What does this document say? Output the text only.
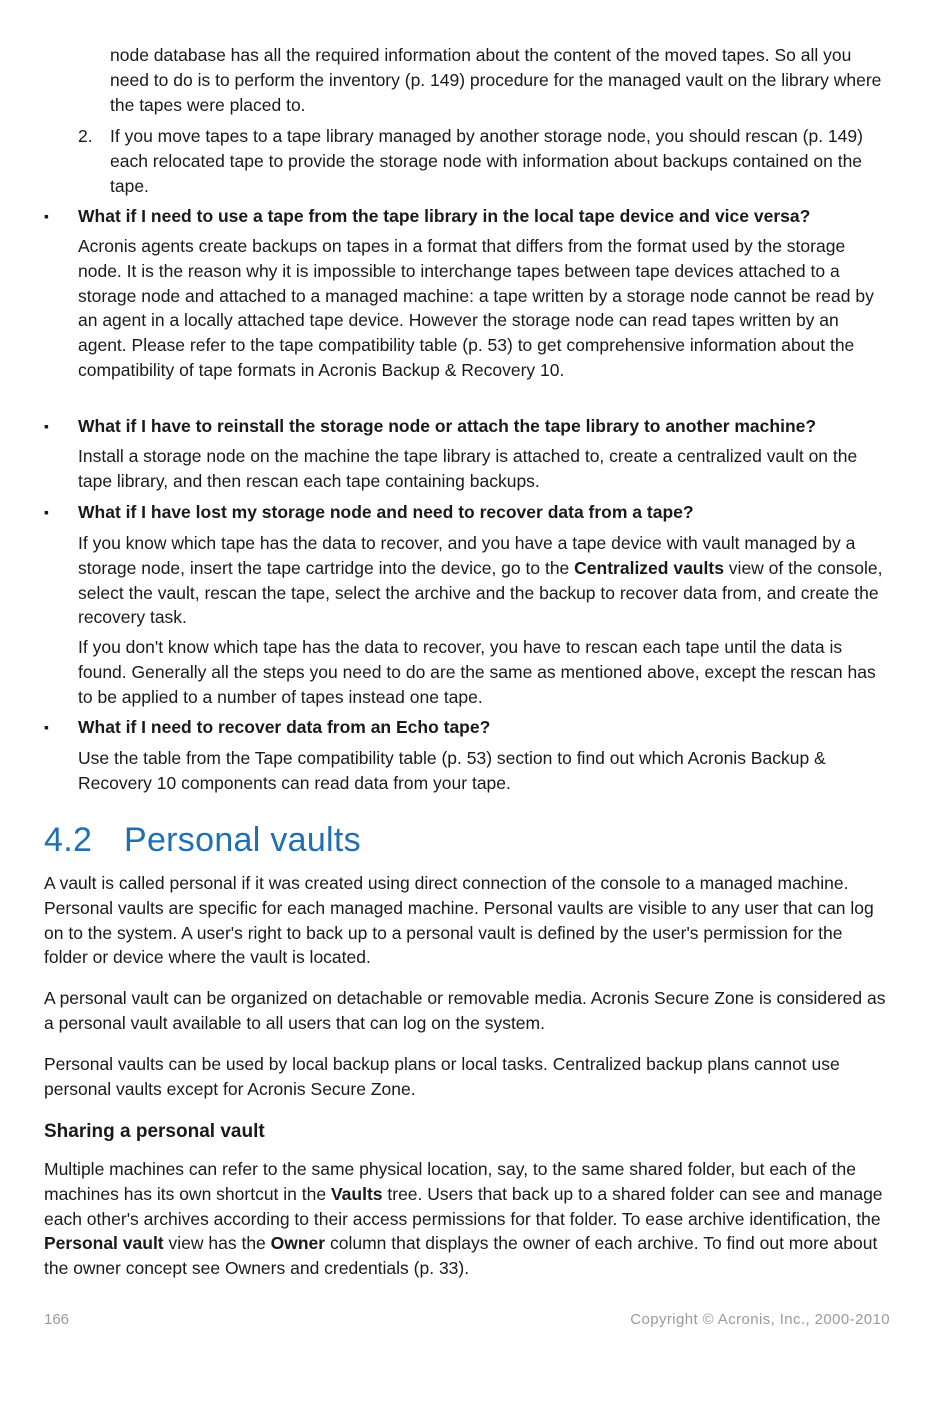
node database has all the required information about the content of the moved tapes. So all you need to do is to perform the inventory (p. 149) procedure for the managed vault on the library where the tapes were placed to.

2. If you move tapes to a tape library managed by another storage node, you should rescan (p. 149) each relocated tape to provide the storage node with information about backups contained on the tape.

▪	What if I need to use a tape from the tape library in the local tape device and vice versa?

Acronis agents create backups on tapes in a format that differs from the format used by the storage node. It is the reason why it is impossible to interchange tapes between tape devices attached to a storage node and attached to a managed machine: a tape written by a storage node cannot be read by an agent in a locally attached tape device. However the storage node can read tapes written by an agent. Please refer to the tape compatibility table (p. 53) to get comprehensive information about the compatibility of tape formats in Acronis Backup & Recovery 10.

▪	What if I have to reinstall the storage node or attach the tape library to another machine?

Install a storage node on the machine the tape library is attached to, create a centralized vault on the tape library, and then rescan each tape containing backups.

▪	What if I have lost my storage node and need to recover data from a tape?

If you know which tape has the data to recover, and you have a tape device with vault managed by a storage node, insert the tape cartridge into the device, go to the Centralized vaults view of the console, select the vault, rescan the tape, select the archive and the backup to recover data from, and create the recovery task.

If you don't know which tape has the data to recover, you have to rescan each tape until the data is found. Generally all the steps you need to do are the same as mentioned above, except the rescan has to be applied to a number of tapes instead one tape.

▪	What if I need to recover data from an Echo tape?

Use the table from the Tape compatibility table (p. 53) section to find out which Acronis Backup & Recovery 10 components can read data from your tape.

4.2 Personal vaults

A vault is called personal if it was created using direct connection of the console to a managed machine. Personal vaults are specific for each managed machine. Personal vaults are visible to any user that can log on to the system. A user's right to back up to a personal vault is defined by the user's permission for the folder or device where the vault is located.

A personal vault can be organized on detachable or removable media. Acronis Secure Zone is considered as a personal vault available to all users that can log on the system.

Personal vaults can be used by local backup plans or local tasks. Centralized backup plans cannot use personal vaults except for Acronis Secure Zone.

Sharing a personal vault

Multiple machines can refer to the same physical location, say, to the same shared folder, but each of the machines has its own shortcut in the Vaults tree. Users that back up to a shared folder can see and manage each other's archives according to their access permissions for that folder. To ease archive identification, the Personal vault view has the Owner column that displays the owner of each archive. To find out more about the owner concept see Owners and credentials (p. 33).

166	Copyright © Acronis, Inc., 2000-2010
